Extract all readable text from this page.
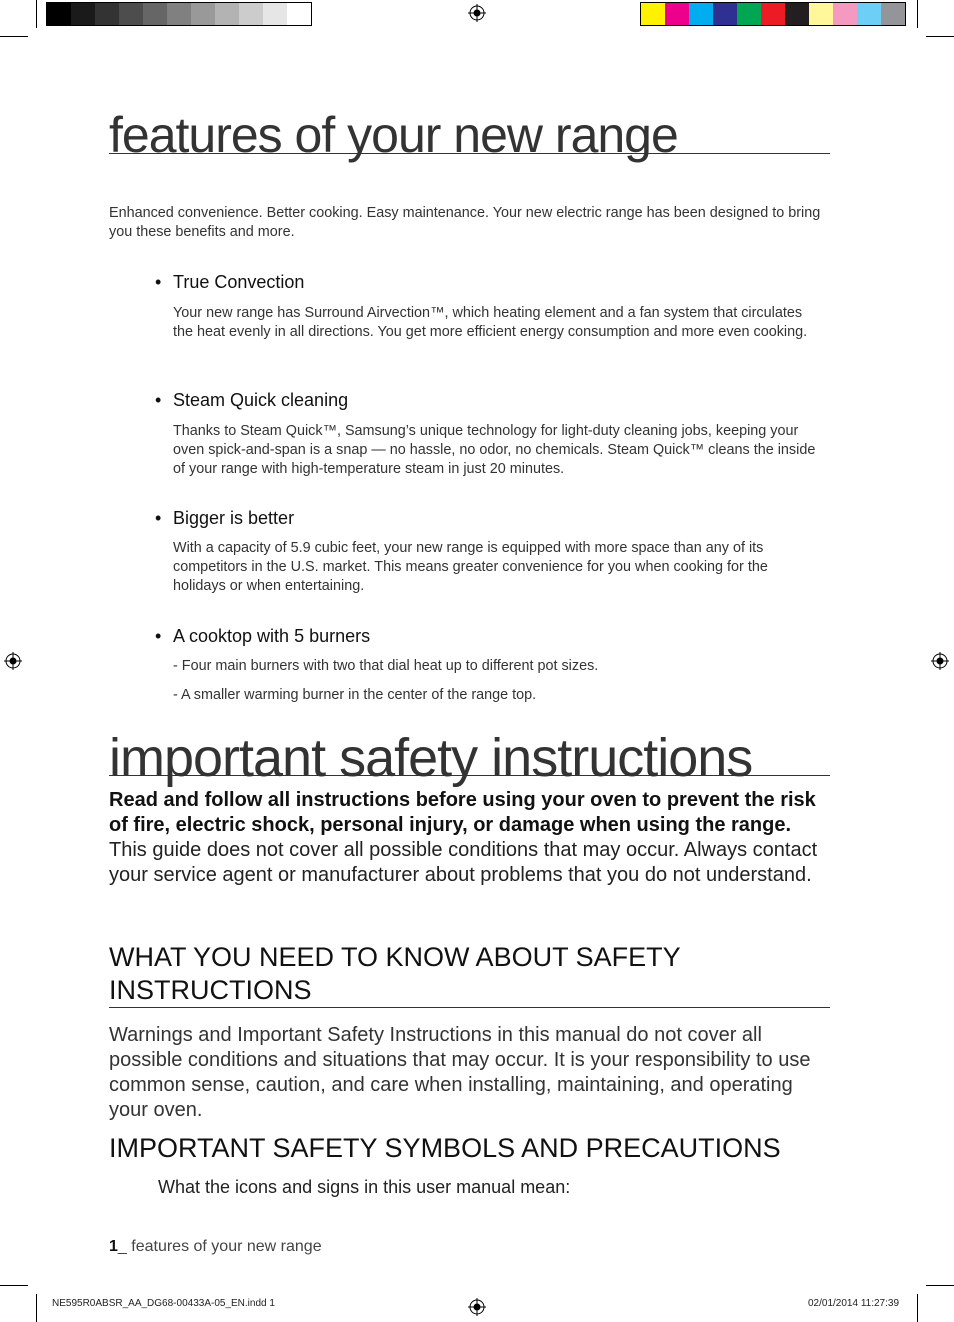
features of your new range
Enhanced convenience. Better cooking. Easy maintenance. Your new electric range has been designed to bring you these benefits and more.
• True Convection
Your new range has Surround Airvection™, which heating element and a fan system that circulates the heat evenly in all directions. You get more efficient energy consumption and more even cooking.
• Steam Quick cleaning
Thanks to Steam Quick™, Samsung’s unique technology for light-duty cleaning jobs, keeping your oven spick-and-span is a snap — no hassle, no odor, no chemicals. Steam Quick™ cleans the inside of your range with high-temperature steam in just 20 minutes.
• Bigger is better
With a capacity of 5.9 cubic feet, your new range is equipped with more space than any of its competitors in the U.S. market. This means greater convenience for you when cooking for the holidays or when entertaining.
• A cooktop with 5 burners
- Four main burners with two that dial heat up to different pot sizes.
- A smaller warming burner in the center of the range top.
important safety instructions
Read and follow all instructions before using your oven to prevent the risk of fire, electric shock, personal injury, or damage when using the range. This guide does not cover all possible conditions that may occur. Always contact your service agent or manufacturer about problems that you do not understand.
WHAT YOU NEED TO KNOW ABOUT SAFETY INSTRUCTIONS
Warnings and Important Safety Instructions in this manual do not cover all possible conditions and situations that may occur. It is your responsibility to use common sense, caution, and care when installing, maintaining, and operating your oven.
IMPORTANT SAFETY SYMBOLS AND PRECAUTIONS
What the icons and signs in this user manual mean:
1_ features of your new range
NE595R0ABSR_AA_DG68-00433A-05_EN.indd 1	02/01/2014 11:27:39
